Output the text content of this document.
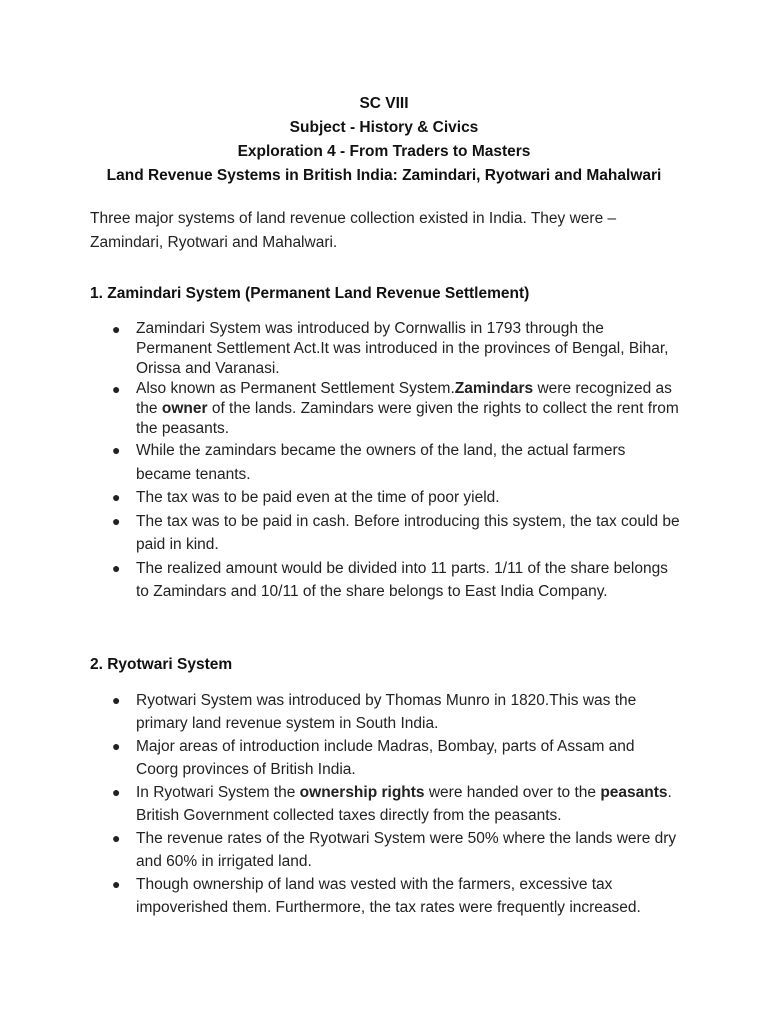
SC VIII
Subject - History & Civics
Exploration 4 - From Traders to Masters
Land Revenue Systems in British India: Zamindari, Ryotwari and Mahalwari
Three major systems of land revenue collection existed in India. They were – Zamindari, Ryotwari and Mahalwari.
1. Zamindari System (Permanent Land Revenue Settlement)
● Zamindari System was introduced by Cornwallis in 1793 through the Permanent Settlement Act.It was introduced in the provinces of Bengal, Bihar, Orissa and Varanasi.
● Also known as Permanent Settlement System.Zamindars were recognized as the owner of the lands. Zamindars were given the rights to collect the rent from the peasants.
● While the zamindars became the owners of the land, the actual farmers became tenants.
● The tax was to be paid even at the time of poor yield.
● The tax was to be paid in cash. Before introducing this system, the tax could be paid in kind.
● The realized amount would be divided into 11 parts. 1/11 of the share belongs to Zamindars and 10/11 of the share belongs to East India Company.
2. Ryotwari System
● Ryotwari System was introduced by Thomas Munro in 1820.This was the primary land revenue system in South India.
● Major areas of introduction include Madras, Bombay, parts of Assam and Coorg provinces of British India.
● In Ryotwari System the ownership rights were handed over to the peasants. British Government collected taxes directly from the peasants.
● The revenue rates of the Ryotwari System were 50% where the lands were dry and 60% in irrigated land.
● Though ownership of land was vested with the farmers, excessive tax impoverished them. Furthermore, the tax rates were frequently increased.
